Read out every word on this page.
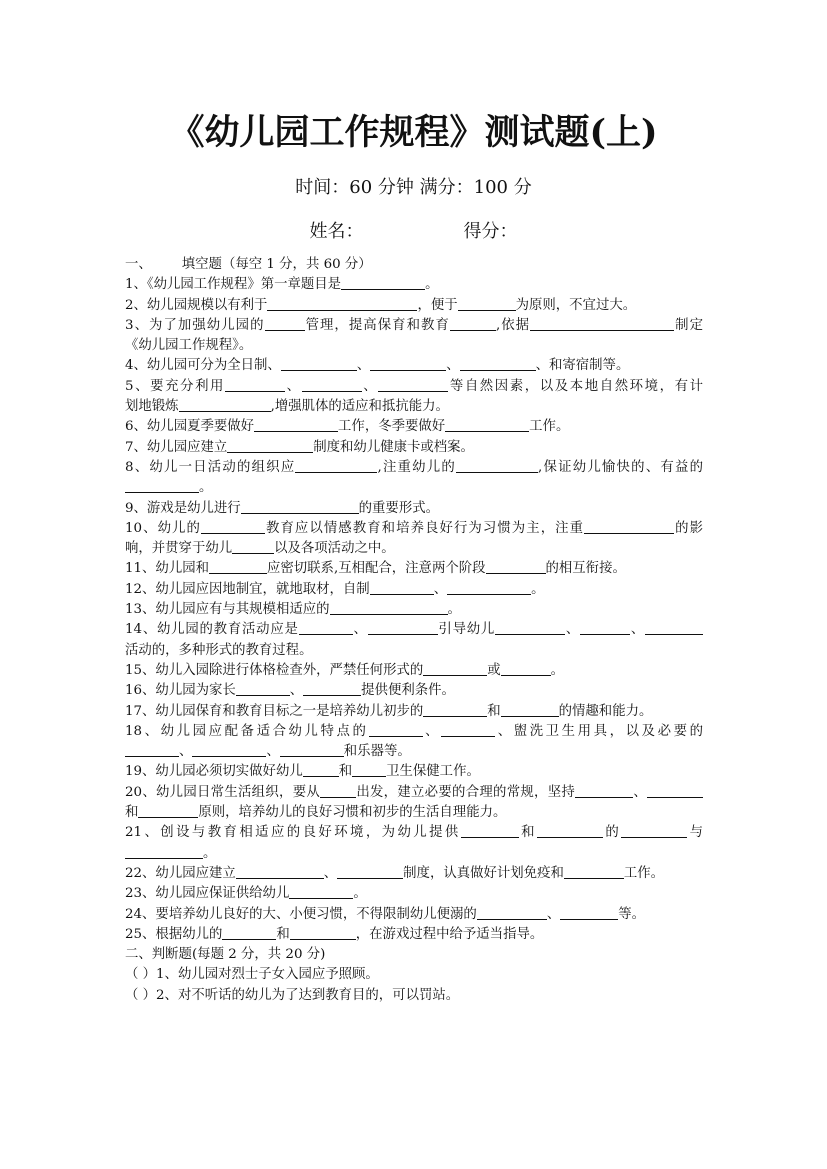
《幼儿园工作规程》测试题(上)
时间：60 分钟 满分：100 分
姓名：	得分：
一、 填空题（每空 1 分，共 60 分）
1、《幼儿园工作规程》第一章题目是	。
2、幼儿园规模以有利于	，便于	为原则，不宜过大。
3、为了加强幼儿园的	管理，提高保育和教育	,依据	制定
《幼儿园工作规程》。
4、幼儿园可分为全日制、	、	、	、和寄宿制等。
5、要充分利用	、	、	等自然因素，以及本地自然环境，有计
划地锻炼	,增强肌体的适应和抵抗能力。
6、幼儿园夏季要做好	工作，冬季要做好	工作。
7、幼儿园应建立	制度和幼儿健康卡或档案。
8、幼儿一日活动的组织应	,注重幼儿的	,保证幼儿愉快的、有益的
。
9、游戏是幼儿进行	的重要形式。
10、幼儿的	教育应以情感教育和培养良好行为习惯为主，注重	的影
响，并贯穿于幼儿	以及各项活动之中。
11、幼儿园和	应密切联系,互相配合，注意两个阶段	的相互衔接。
12、幼儿园应因地制宜，就地取材，自制	、	。
13、幼儿园应有与其规模相适应的	。
14、幼儿园的教育活动应是	、	引导幼儿	、	、
活动的，多种形式的教育过程。
15、幼儿入园除进行体格检查外，严禁任何形式的	或	。
16、幼儿园为家长	、	提供便利条件。
17、幼儿园保育和教育目标之一是培养幼儿初步的	和	的情趣和能力。
18、幼儿园应配备适合幼儿特点的	、	、盥洗卫生用具，以及必要的
、	、	和乐器等。
19、幼儿园必须切实做好幼儿	和	卫生保健工作。
20、幼儿园日常生活组织，要从	出发，建立必要的合理的常规，坚持	、
和	原则，培养幼儿的良好习惯和初步的生活自理能力。
21、创设与教育相适应的良好环境，为幼儿提供	和	的	与
。
22、幼儿园应建立	、	制度，认真做好计划免疫和	工作。
23、幼儿园应保证供给幼儿	。
24、要培养幼儿良好的大、小便习惯，不得限制幼儿便溺的	、	等。
25、根据幼儿的	和	，在游戏过程中给予适当指导。
二、判断题(每题 2 分，共 20 分)
（ ）1、幼儿园对烈士子女入园应予照顾。
（ ）2、对不听话的幼儿为了达到教育目的，可以罚站。
